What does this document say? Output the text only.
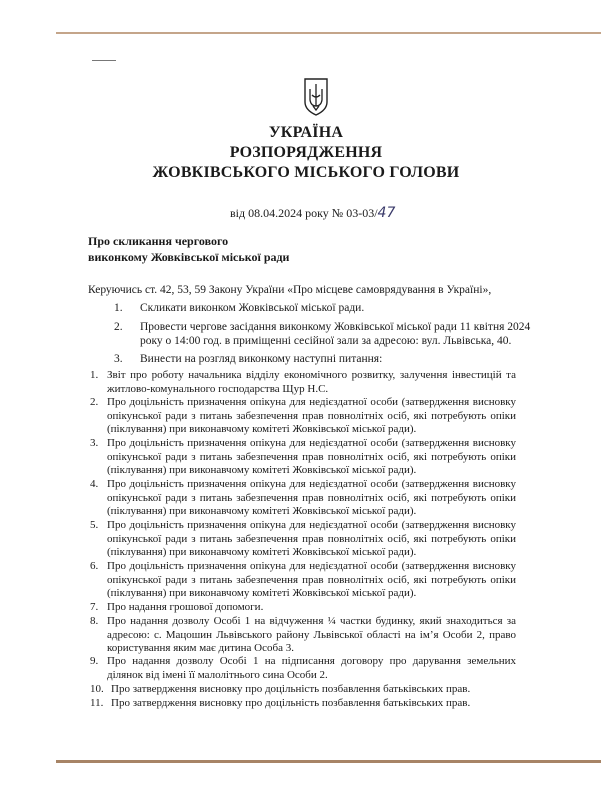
УКРАЇНА
РОЗПОРЯДЖЕННЯ
ЖОВКІВСЬКОГО МІСЬКОГО ГОЛОВИ
від 08.04.2024 року № 03-03/47
Про скликання чергового
виконкому Жовківської міської ради
Керуючись ст. 42, 53, 59 Закону України «Про місцеве самоврядування в Україні»,
1. Скликати виконком Жовківської міської ради.
2. Провести чергове засідання виконкому Жовківської міської ради 11 квітня 2024 року о 14:00 год. в приміщенні сесійної зали за адресою: вул. Львівська, 40.
3. Винести на розгляд виконкому наступні питання:
1. Звіт про роботу начальника відділу економічного розвитку, залучення інвестицій та житлово-комунального господарства Щур Н.С.
2. Про доцільність призначення опікуна для недієздатної особи (затвердження висновку опікунської ради з питань забезпечення прав повнолітніх осіб, які потребують опіки (піклування) при виконавчому комітеті Жовківської міської ради).
3. Про доцільність призначення опікуна для недієздатної особи (затвердження висновку опікунської ради з питань забезпечення прав повнолітніх осіб, які потребують опіки (піклування) при виконавчому комітеті Жовківської міської ради).
4. Про доцільність призначення опікуна для недієздатної особи (затвердження висновку опікунської ради з питань забезпечення прав повнолітніх осіб, які потребують опіки (піклування) при виконавчому комітеті Жовківської міської ради).
5. Про доцільність призначення опікуна для недієздатної особи (затвердження висновку опікунської ради з питань забезпечення прав повнолітніх осіб, які потребують опіки (піклування) при виконавчому комітеті Жовківської міської ради).
6. Про доцільність призначення опікуна для недієздатної особи (затвердження висновку опікунської ради з питань забезпечення прав повнолітніх осіб, які потребують опіки (піклування) при виконавчому комітеті Жовківської міської ради).
7. Про надання грошової допомоги.
8. Про надання дозволу Особі 1 на відчуження ¼ частки будинку, який знаходиться за адресою: с. Мацошин Львівського району Львівської області на ім’я Особи 2, право користування яким має дитина Особа 3.
9. Про надання дозволу Особі 1 на підписання договору про дарування земельних ділянок від імені її малолітнього сина Особи 2.
10. Про затвердження висновку про доцільність позбавлення батьківських прав.
11. Про затвердження висновку про доцільність позбавлення батьківських прав.
